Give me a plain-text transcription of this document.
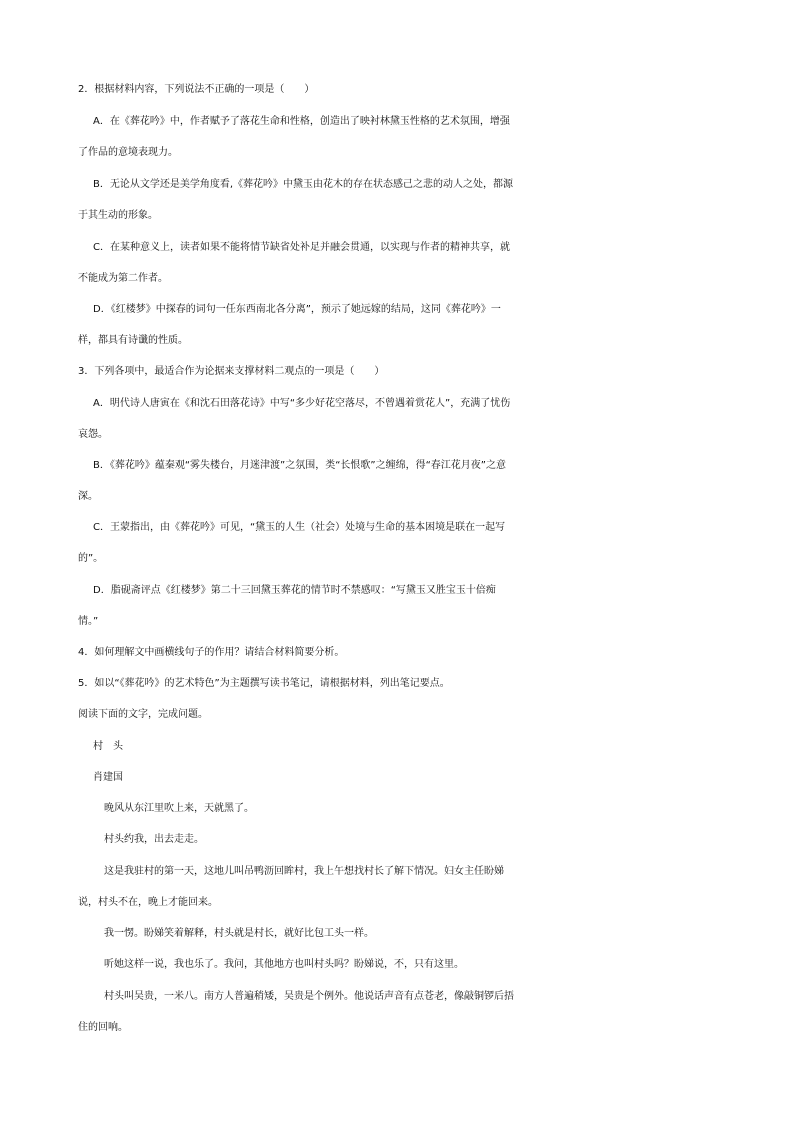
2．根据材料内容，下列说法不正确的一项是（　　）

A．在《葬花吟》中，作者赋予了落花生命和性格，创造出了映衬林黛玉性格的艺术氛围，增强

了作品的意境表现力。

B．无论从文学还是美学角度看,《葬花吟》中黛玉由花木的存在状态感己之悲的动人之处，都源

于其生动的形象。

C．在某种意义上，读者如果不能将情节缺省处补足并融会贯通，以实现与作者的精神共享，就

不能成为第二作者。

D．《红楼梦》中探春的词句一任东西南北各分离”，预示了她远嫁的结局，这同《葬花吟》一

样，都具有诗谶的性质。

3．下列各项中，最适合作为论据来支撑材料二观点的一项是（　　）

A．明代诗人唐寅在《和沈石田落花诗》中写“多少好花空落尽，不曾遇着赏花人”，充满了忧伤

哀怨。

B．《葬花吟》蕴秦观“雾失楼台，月迷津渡”之氛围，类“长恨歌”之缠绵，得“春江花月夜”之意

深。

C．王蒙指出，由《葬花吟》可见，“黛玉的人生（社会）处境与生命的基本困境是联在一起写

的”。

D．脂砚斋评点《红楼梦》第二十三回黛玉葬花的情节时不禁感叹：“写黛玉又胜宝玉十倍痴

情。”

4．如何理解文中画横线句子的作用？请结合材料简要分析。

5．如以“《葬花吟》的艺术特色”为主题撰写读书笔记，请根据材料，列出笔记要点。

阅读下面的文字，完成问题。

村　头

肖建国

晚风从东江里吹上来，天就黑了。

村头约我，出去走走。

这是我驻村的第一天，这地儿叫吊鸭沥回眸村，我上午想找村长了解下情况。妇女主任盼娣

说，村头不在，晚上才能回来。

我一愣。盼娣笑着解释，村头就是村长，就好比包工头一样。

听她这样一说，我也乐了。我问，其他地方也叫村头吗？盼娣说，不，只有这里。

村头叫吴贵，一米八。南方人普遍稍矮，吴贵是个例外。他说话声音有点苍老，像敲铜锣后捂

住的回响。
